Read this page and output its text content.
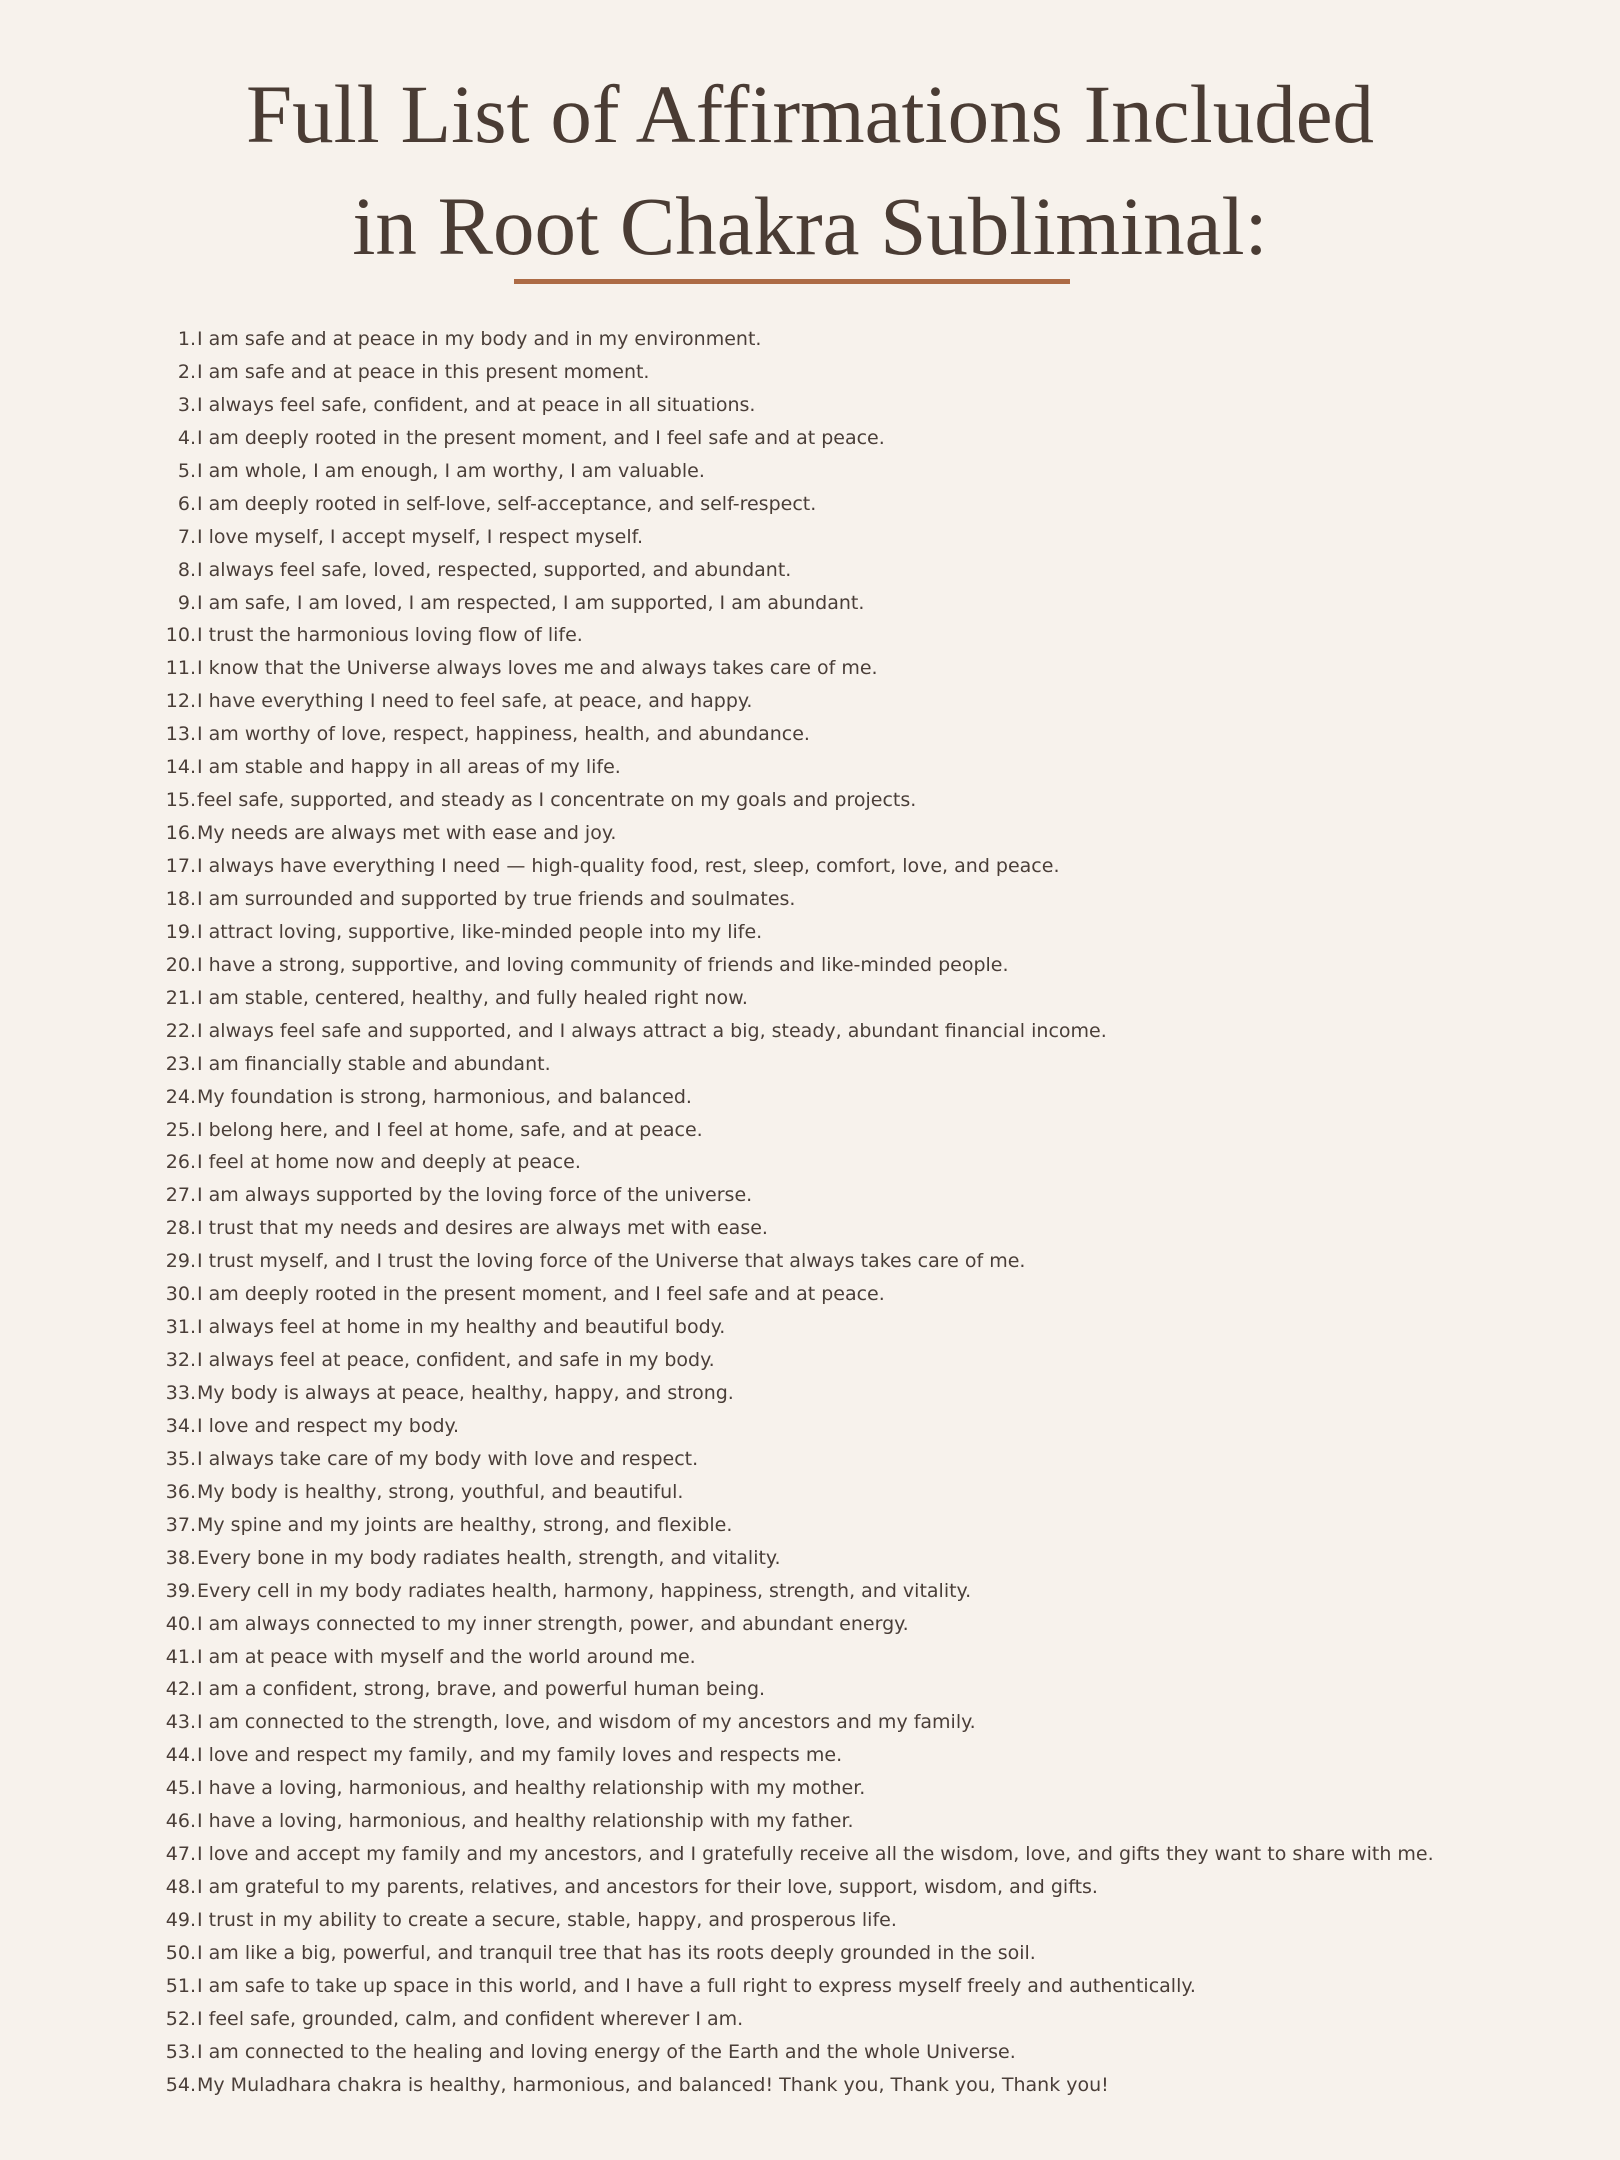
Full List of Affirmations Included
in Root Chakra Subliminal:
1. I am safe and at peace in my body and in my environment.
2. I am safe and at peace in this present moment.
3. I always feel safe, confident, and at peace in all situations.
4. I am deeply rooted in the present moment, and I feel safe and at peace.
5. I am whole, I am enough, I am worthy, I am valuable.
6. I am deeply rooted in self-love, self-acceptance, and self-respect.
7. I love myself, I accept myself, I respect myself.
8. I always feel safe, loved, respected, supported, and abundant.
9. I am safe, I am loved, I am respected, I am supported, I am abundant.
10. I trust the harmonious loving flow of life.
11. I know that the Universe always loves me and always takes care of me.
12. I have everything I need to feel safe, at peace, and happy.
13. I am worthy of love, respect, happiness, health, and abundance.
14. I am stable and happy in all areas of my life.
15. feel safe, supported, and steady as I concentrate on my goals and projects.
16. My needs are always met with ease and joy.
17. I always have everything I need — high-quality food, rest, sleep, comfort, love, and peace.
18. I am surrounded and supported by true friends and soulmates.
19. I attract loving, supportive, like-minded people into my life.
20. I have a strong, supportive, and loving community of friends and like-minded people.
21. I am stable, centered, healthy, and fully healed right now.
22. I always feel safe and supported, and I always attract a big, steady, abundant financial income.
23. I am financially stable and abundant.
24. My foundation is strong, harmonious, and balanced.
25. I belong here, and I feel at home, safe, and at peace.
26. I feel at home now and deeply at peace.
27. I am always supported by the loving force of the universe.
28. I trust that my needs and desires are always met with ease.
29. I trust myself, and I trust the loving force of the Universe that always takes care of me.
30. I am deeply rooted in the present moment, and I feel safe and at peace.
31. I always feel at home in my healthy and beautiful body.
32. I always feel at peace, confident, and safe in my body.
33. My body is always at peace, healthy, happy, and strong.
34. I love and respect my body.
35. I always take care of my body with love and respect.
36. My body is healthy, strong, youthful, and beautiful.
37. My spine and my joints are healthy, strong, and flexible.
38. Every bone in my body radiates health, strength, and vitality.
39. Every cell in my body radiates health, harmony, happiness, strength, and vitality.
40. I am always connected to my inner strength, power, and abundant energy.
41. I am at peace with myself and the world around me.
42. I am a confident, strong, brave, and powerful human being.
43. I am connected to the strength, love, and wisdom of my ancestors and my family.
44. I love and respect my family, and my family loves and respects me.
45. I have a loving, harmonious, and healthy relationship with my mother.
46. I have a loving, harmonious, and healthy relationship with my father.
47. I love and accept my family and my ancestors, and I gratefully receive all the wisdom, love, and gifts they want to share with me.
48. I am grateful to my parents, relatives, and ancestors for their love, support, wisdom, and gifts.
49. I trust in my ability to create a secure, stable, happy, and prosperous life.
50. I am like a big, powerful, and tranquil tree that has its roots deeply grounded in the soil.
51. I am safe to take up space in this world, and I have a full right to express myself freely and authentically.
52. I feel safe, grounded, calm, and confident wherever I am.
53. I am connected to the healing and loving energy of the Earth and the whole Universe.
54. My Muladhara chakra is healthy, harmonious, and balanced! Thank you, Thank you, Thank you!
